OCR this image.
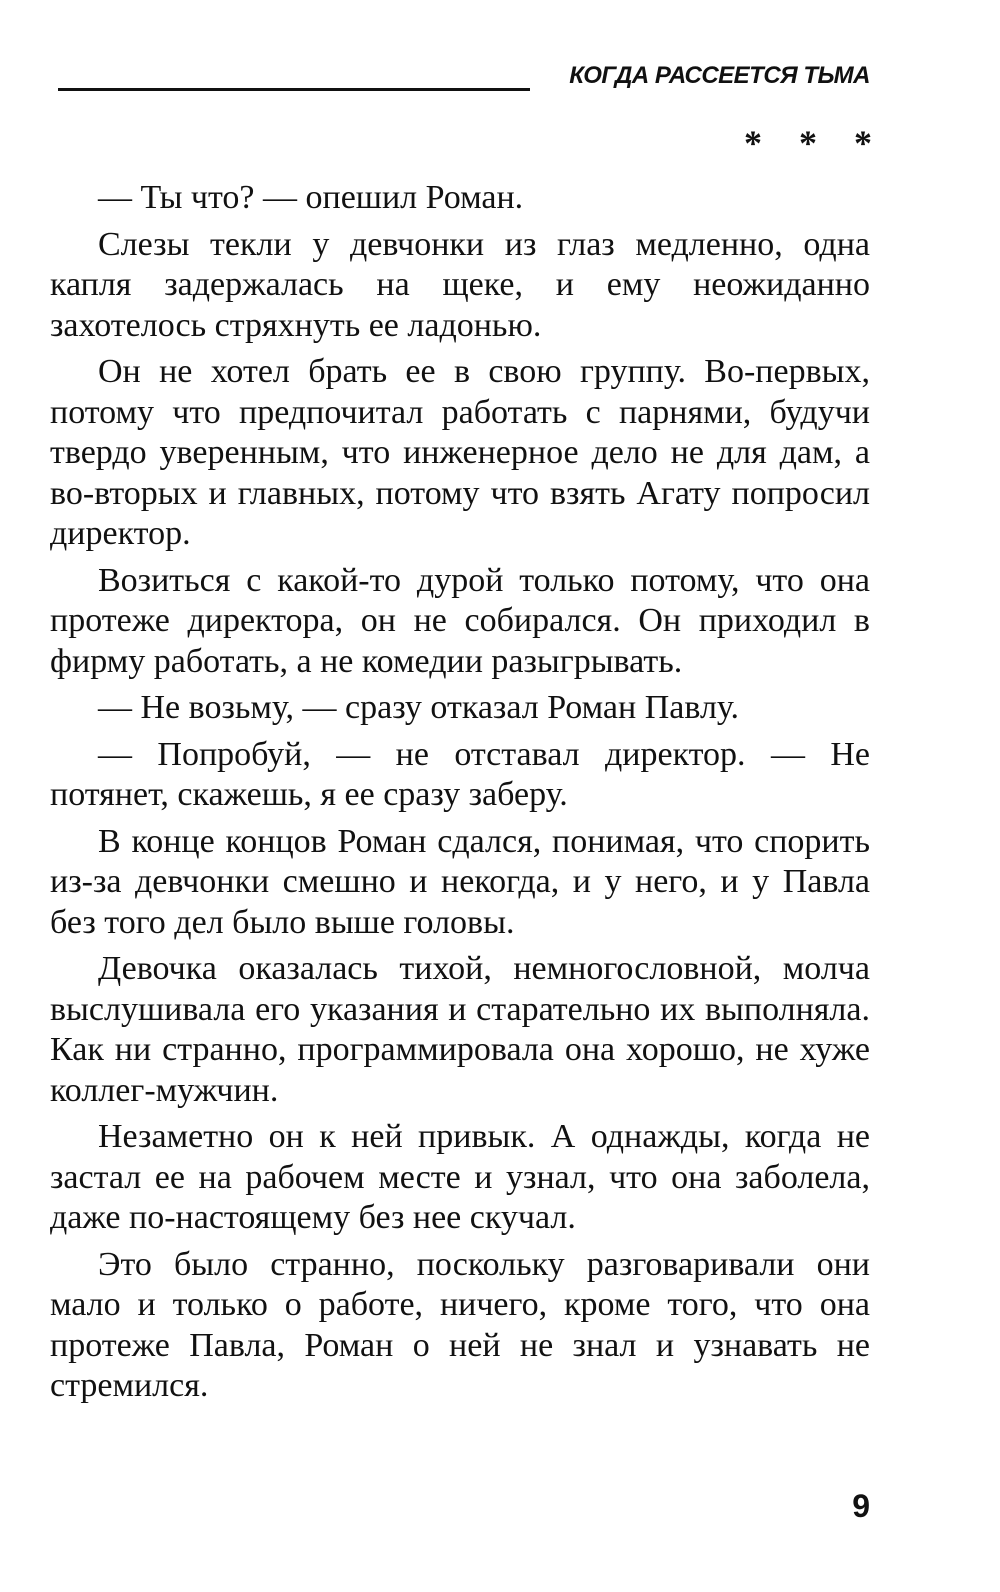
КОГДА РАССЕЕТСЯ ТЬМА
* * *

— Ты что? — опешил Роман.

Слезы текли у девчонки из глаз медленно, одна капля задержалась на щеке, и ему неожиданно захотелось стряхнуть ее ладонью.

Он не хотел брать ее в свою группу. Во-первых, потому что предпочитал работать с парнями, будучи твердо уверенным, что инженерное дело не для дам, а во-вторых и главных, потому что взять Агату попросил директор.

Возиться с какой-то дурой только потому, что она протеже директора, он не собирался. Он приходил в фирму работать, а не комедии разыгрывать.

— Не возьму, — сразу отказал Роман Павлу.

— Попробуй, — не отставал директор. — Не потянет, скажешь, я ее сразу заберу.

В конце концов Роман сдался, понимая, что спорить из-за девчонки смешно и некогда, и у него, и у Павла без того дел было выше головы.

Девочка оказалась тихой, немногословной, молча выслушивала его указания и старательно их выполняла. Как ни странно, программировала она хорошо, не хуже коллег-мужчин.

Незаметно он к ней привык. А однажды, когда не застал ее на рабочем месте и узнал, что она заболела, даже по-настоящему без нее скучал.

Это было странно, поскольку разговаривали они мало и только о работе, ничего, кроме того, что она протеже Павла, Роман о ней не знал и узнавать не стремился.

9
